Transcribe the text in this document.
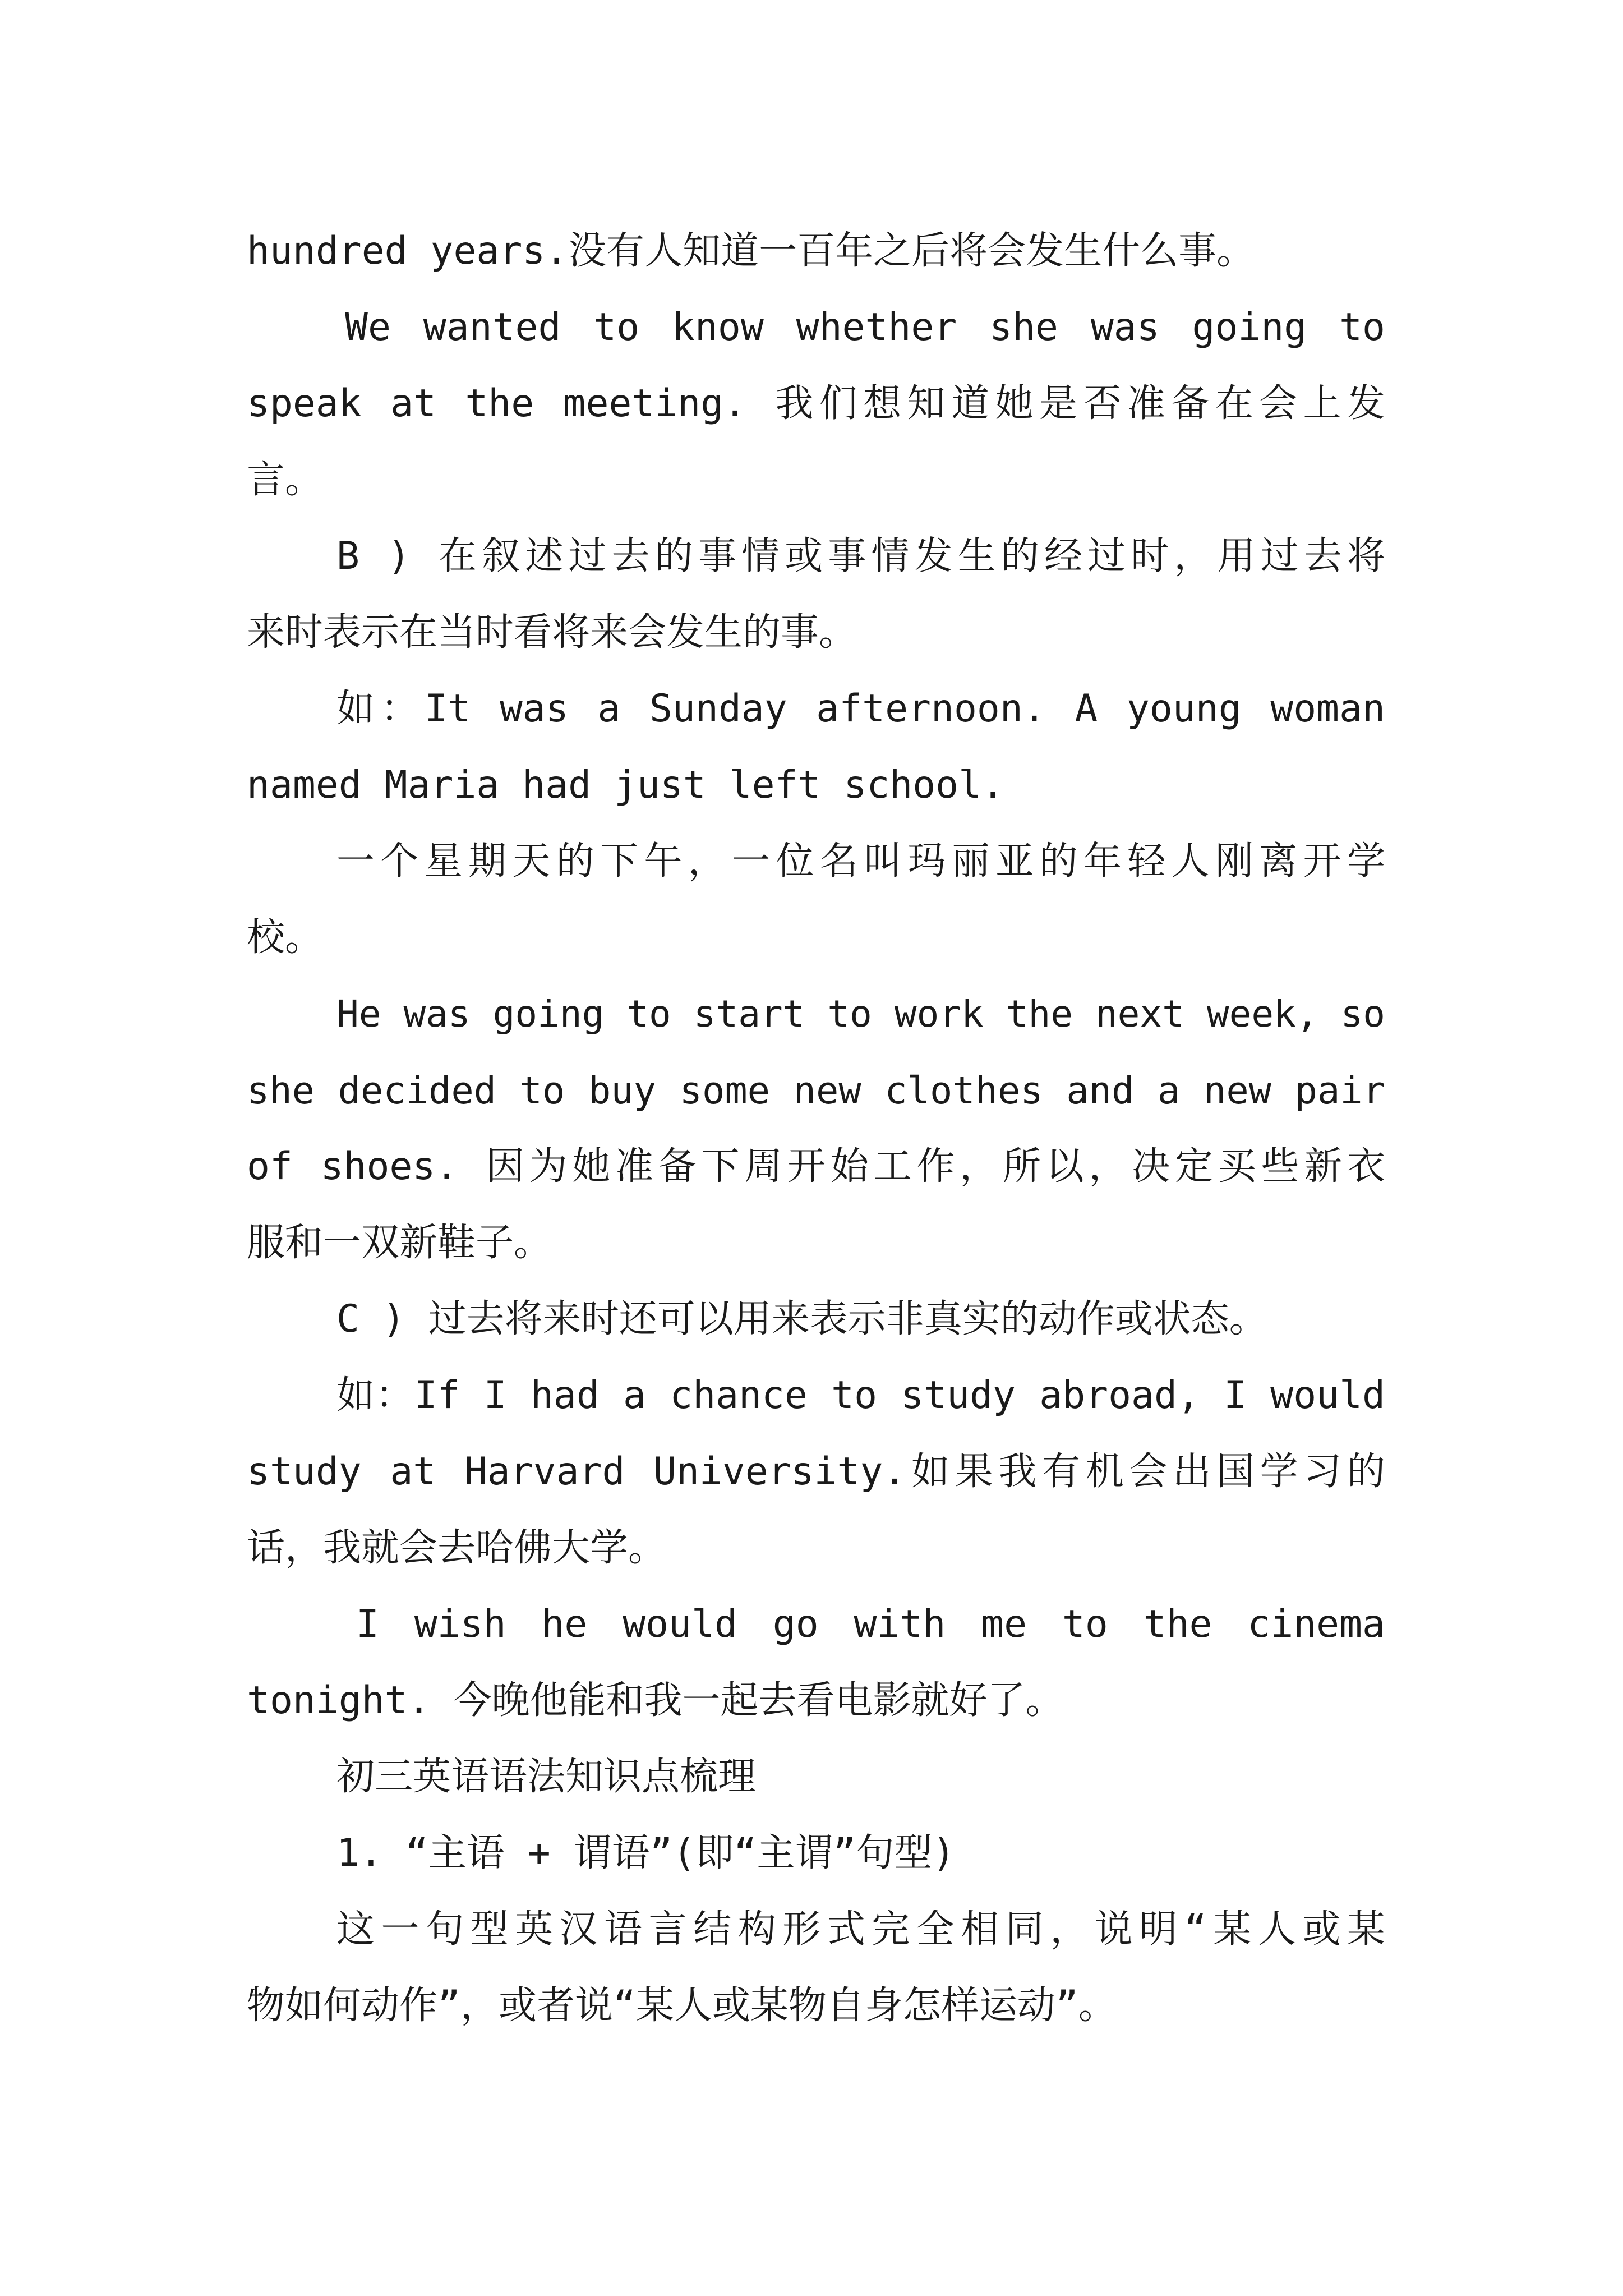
hundred years.没有人知道一百年之后将会发生什么事。
We wanted to know whether she was going to
speak at the meeting. 我们想知道她是否准备在会上发
言。
B ) 在叙述过去的事情或事情发生的经过时，用过去将
来时表示在当时看将来会发生的事。
如：It was a Sunday afternoon. A young woman
named Maria had just left school.
一个星期天的下午，一位名叫玛丽亚的年轻人刚离开学
校。
He was going to start to work the next week, so
she decided to buy some new clothes and a new pair
of shoes. 因为她准备下周开始工作，所以，决定买些新衣
服和一双新鞋子。
C ) 过去将来时还可以用来表示非真实的动作或状态。
如：If I had a chance to study abroad, I would
study at Harvard University.如果我有机会出国学习的
话，我就会去哈佛大学。
I wish he would go with me to the cinema
tonight. 今晚他能和我一起去看电影就好了。
初三英语语法知识点梳理
1. “主语 + 谓语”(即“主谓”句型)
这一句型英汉语言结构形式完全相同，说明“某人或某
物如何动作”，或者说“某人或某物自身怎样运动”。
